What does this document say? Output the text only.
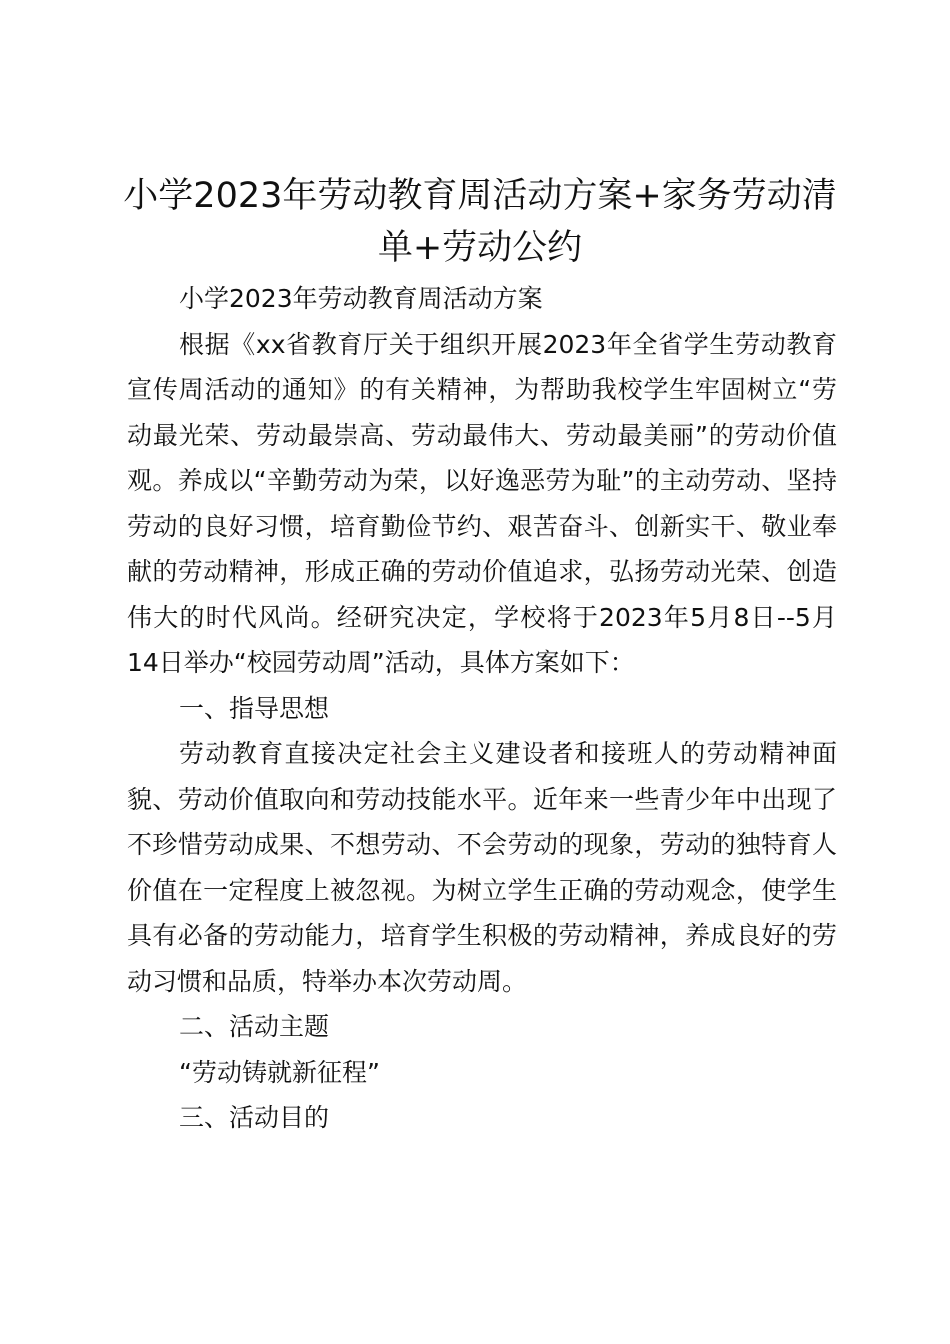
小学2023年劳动教育周活动方案+家务劳动清单+劳动公约

小学2023年劳动教育周活动方案

根据《xx省教育厅关于组织开展2023年全省学生劳动教育宣传周活动的通知》的有关精神，为帮助我校学生牢固树立“劳动最光荣、劳动最崇高、劳动最伟大、劳动最美丽”的劳动价值观。养成以“辛勤劳动为荣，以好逸恶劳为耻”的主动劳动、坚持劳动的良好习惯，培育勤俭节约、艰苦奋斗、创新实干、敬业奉献的劳动精神，形成正确的劳动价值追求，弘扬劳动光荣、创造伟大的时代风尚。经研究决定，学校将于2023年5月8日--5月14日举办“校园劳动周”活动，具体方案如下：

一、指导思想

劳动教育直接决定社会主义建设者和接班人的劳动精神面貌、劳动价值取向和劳动技能水平。近年来一些青少年中出现了不珍惜劳动成果、不想劳动、不会劳动的现象，劳动的独特育人价值在一定程度上被忽视。为树立学生正确的劳动观念，使学生具有必备的劳动能力，培育学生积极的劳动精神，养成良好的劳动习惯和品质，特举办本次劳动周。

二、活动主题

“劳动铸就新征程”

三、活动目的
